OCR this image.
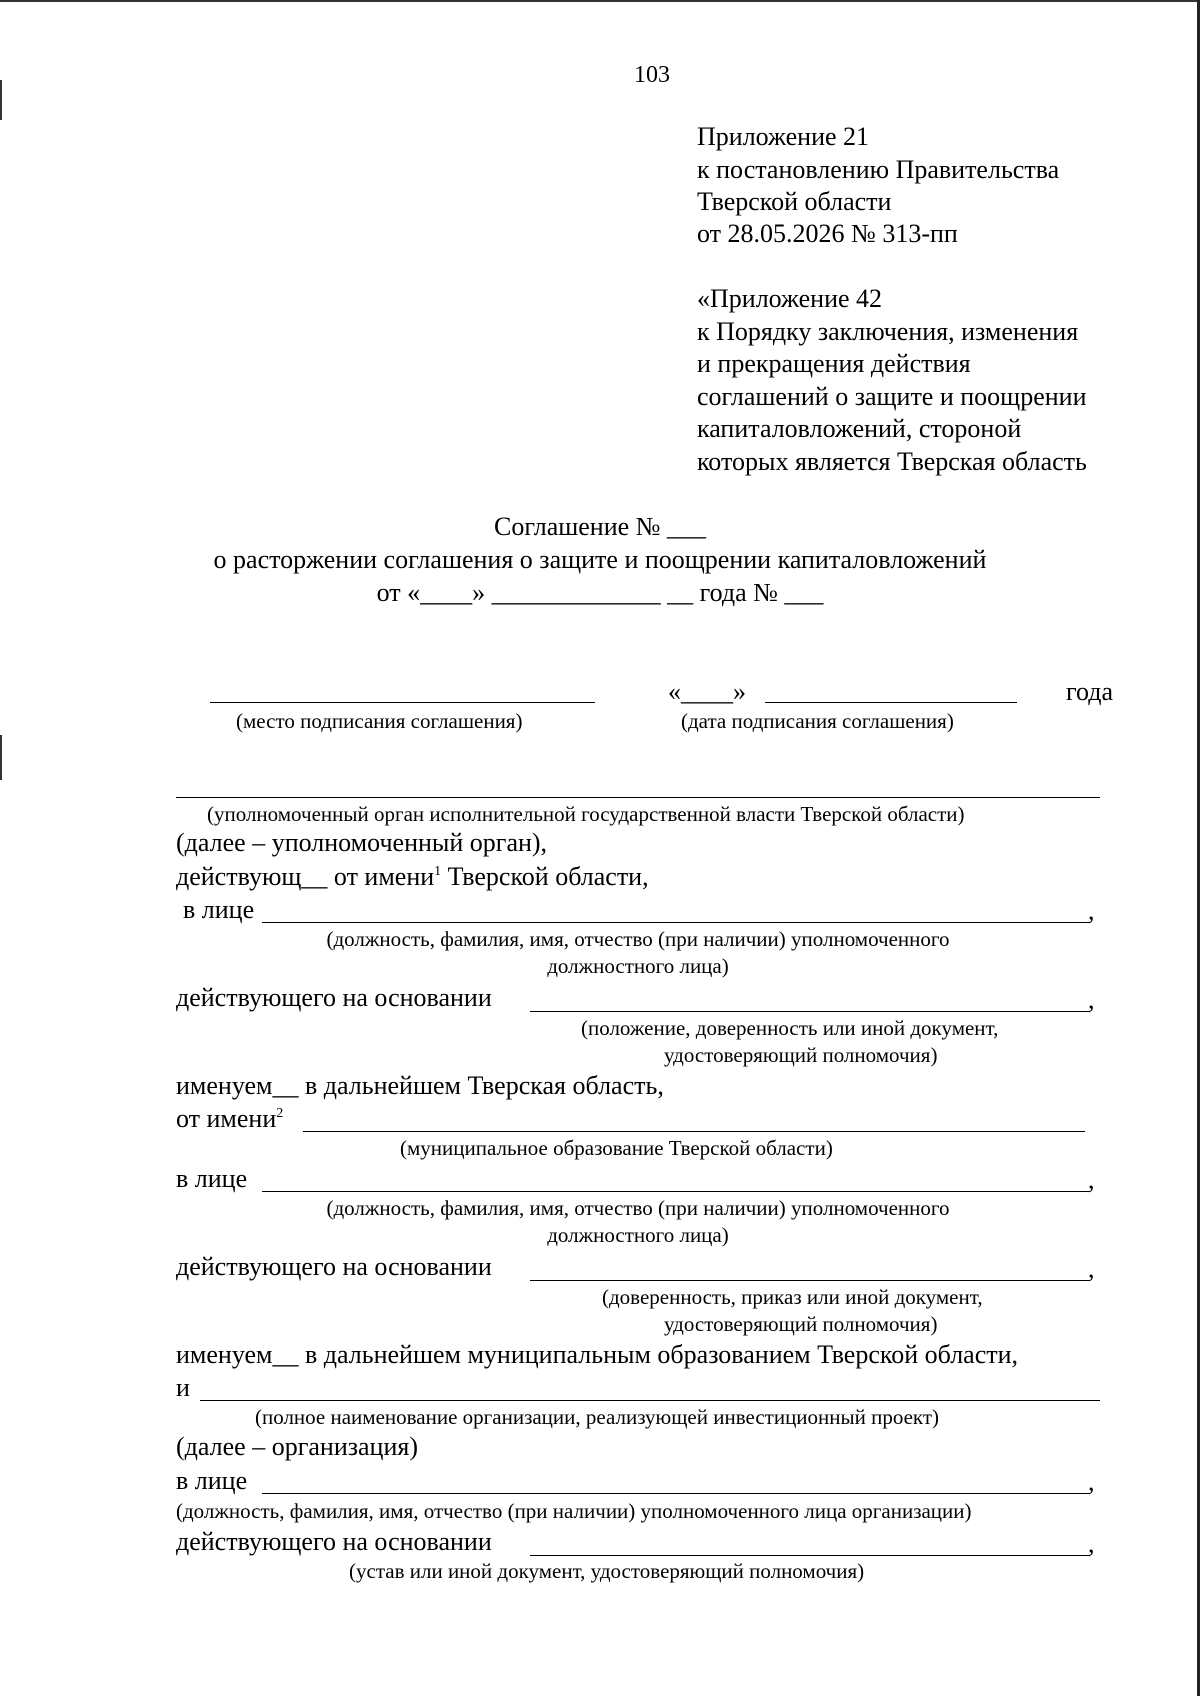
103
Приложение 21
к постановлению Правительства
Тверской области
от 28.05.2026 № 313-пп
«Приложение 42
к Порядку заключения, изменения
и прекращения действия
соглашений о защите и поощрении
капиталовложений, стороной
которых является Тверская область
Соглашение № ___
о расторжении соглашения о защите и поощрении капиталовложений
от «____» _____________ __ года № ___
«____»	года
(место подписания соглашения)	(дата подписания соглашения)
(уполномоченный орган исполнительной государственной власти Тверской области)
(далее – уполномоченный орган),
действующ__ от имени$^1$ Тверской области,
в лице	,
(должность, фамилия, имя, отчество (при наличии) уполномоченного
должностного лица)
действующего на основании	,
(положение, доверенность или иной документ,
удостоверяющий полномочия)
именуем__ в дальнейшем Тверская область,
от имени$^2$
(муниципальное образование Тверской области)
в лице	,
(должность, фамилия, имя, отчество (при наличии) уполномоченного
должностного лица)
действующего на основании	,
(доверенность, приказ или иной документ,
удостоверяющий полномочия)
именуем__ в дальнейшем муниципальным образованием Тверской области,
и
(полное наименование организации, реализующей инвестиционный проект)
(далее – организация)
в лице	,
(должность, фамилия, имя, отчество (при наличии) уполномоченного лица организации)
действующего на основании	,
(устав или иной документ, удостоверяющий полномочия)
